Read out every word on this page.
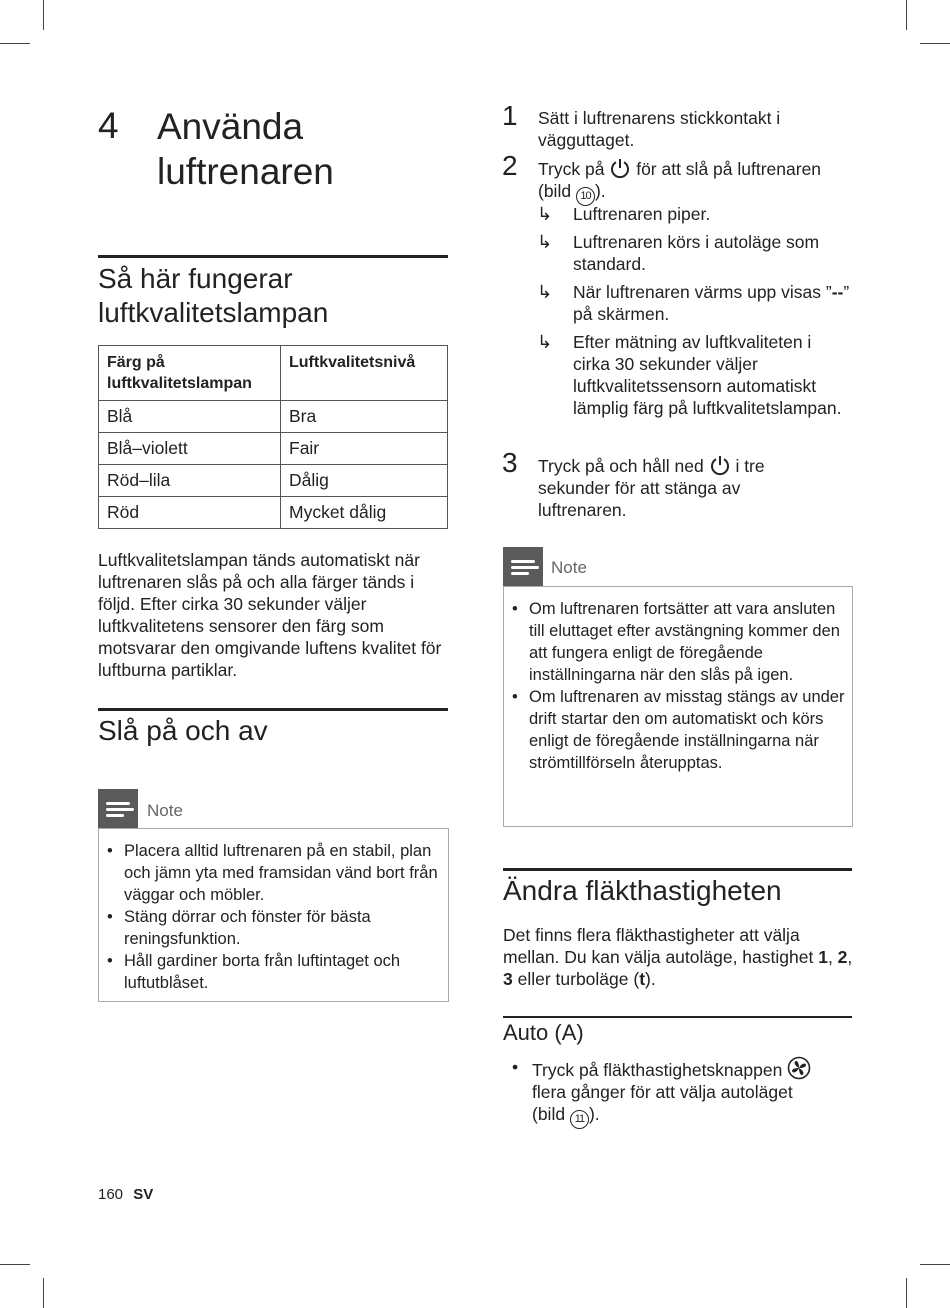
4 Använda
luftrenaren
Så här fungerar
luftkvalitetslampan
Färg på luftkvalitetslampan	Luftkvalitetsnivå
Blå	Bra
Blå–violett	Fair
Röd–lila	Dålig
Röd	Mycket dålig
Luftkvalitetslampan tänds automatiskt när luftrenaren slås på och alla färger tänds i följd. Efter cirka 30 sekunder väljer luftkvalitetens sensorer den färg som motsvarar den omgivande luftens kvalitet för luftburna partiklar.
Slå på och av
Note
• Placera alltid luftrenaren på en stabil, plan och jämn yta med framsidan vänd bort från väggar och möbler.
• Stäng dörrar och fönster för bästa reningsfunktion.
• Håll gardiner borta från luftintaget och luftutblåset.
1 Sätt i luftrenarens stickkontakt i vägguttaget.
2 Tryck på för att slå på luftrenaren
(bild 10 ).
↳ Luftrenaren piper.
↳ Luftrenaren körs i autoläge som standard.
↳ När luftrenaren värms upp visas ”--” på skärmen.
↳ Efter mätning av luftkvaliteten i cirka 30 sekunder väljer luftkvalitetssensorn automatiskt lämplig färg på luftkvalitetslampan.
3 Tryck på och håll ned i tre sekunder för att stänga av luftrenaren.
Note
• Om luftrenaren fortsätter att vara ansluten till eluttaget efter avstängning kommer den att fungera enligt de föregående inställningarna när den slås på igen.
• Om luftrenaren av misstag stängs av under drift startar den om automatiskt och körs enligt de föregående inställningarna när strömtillförseln återupptas.
Ändra fläkthastigheten
Det finns flera fläkthastigheter att välja mellan. Du kan välja autoläge, hastighet 1, 2, 3 eller turboläge (t).
Auto (A)
• Tryck på fläkthastighetsknappen
flera gånger för att välja autoläget
(bild 11 ).
160 SV
